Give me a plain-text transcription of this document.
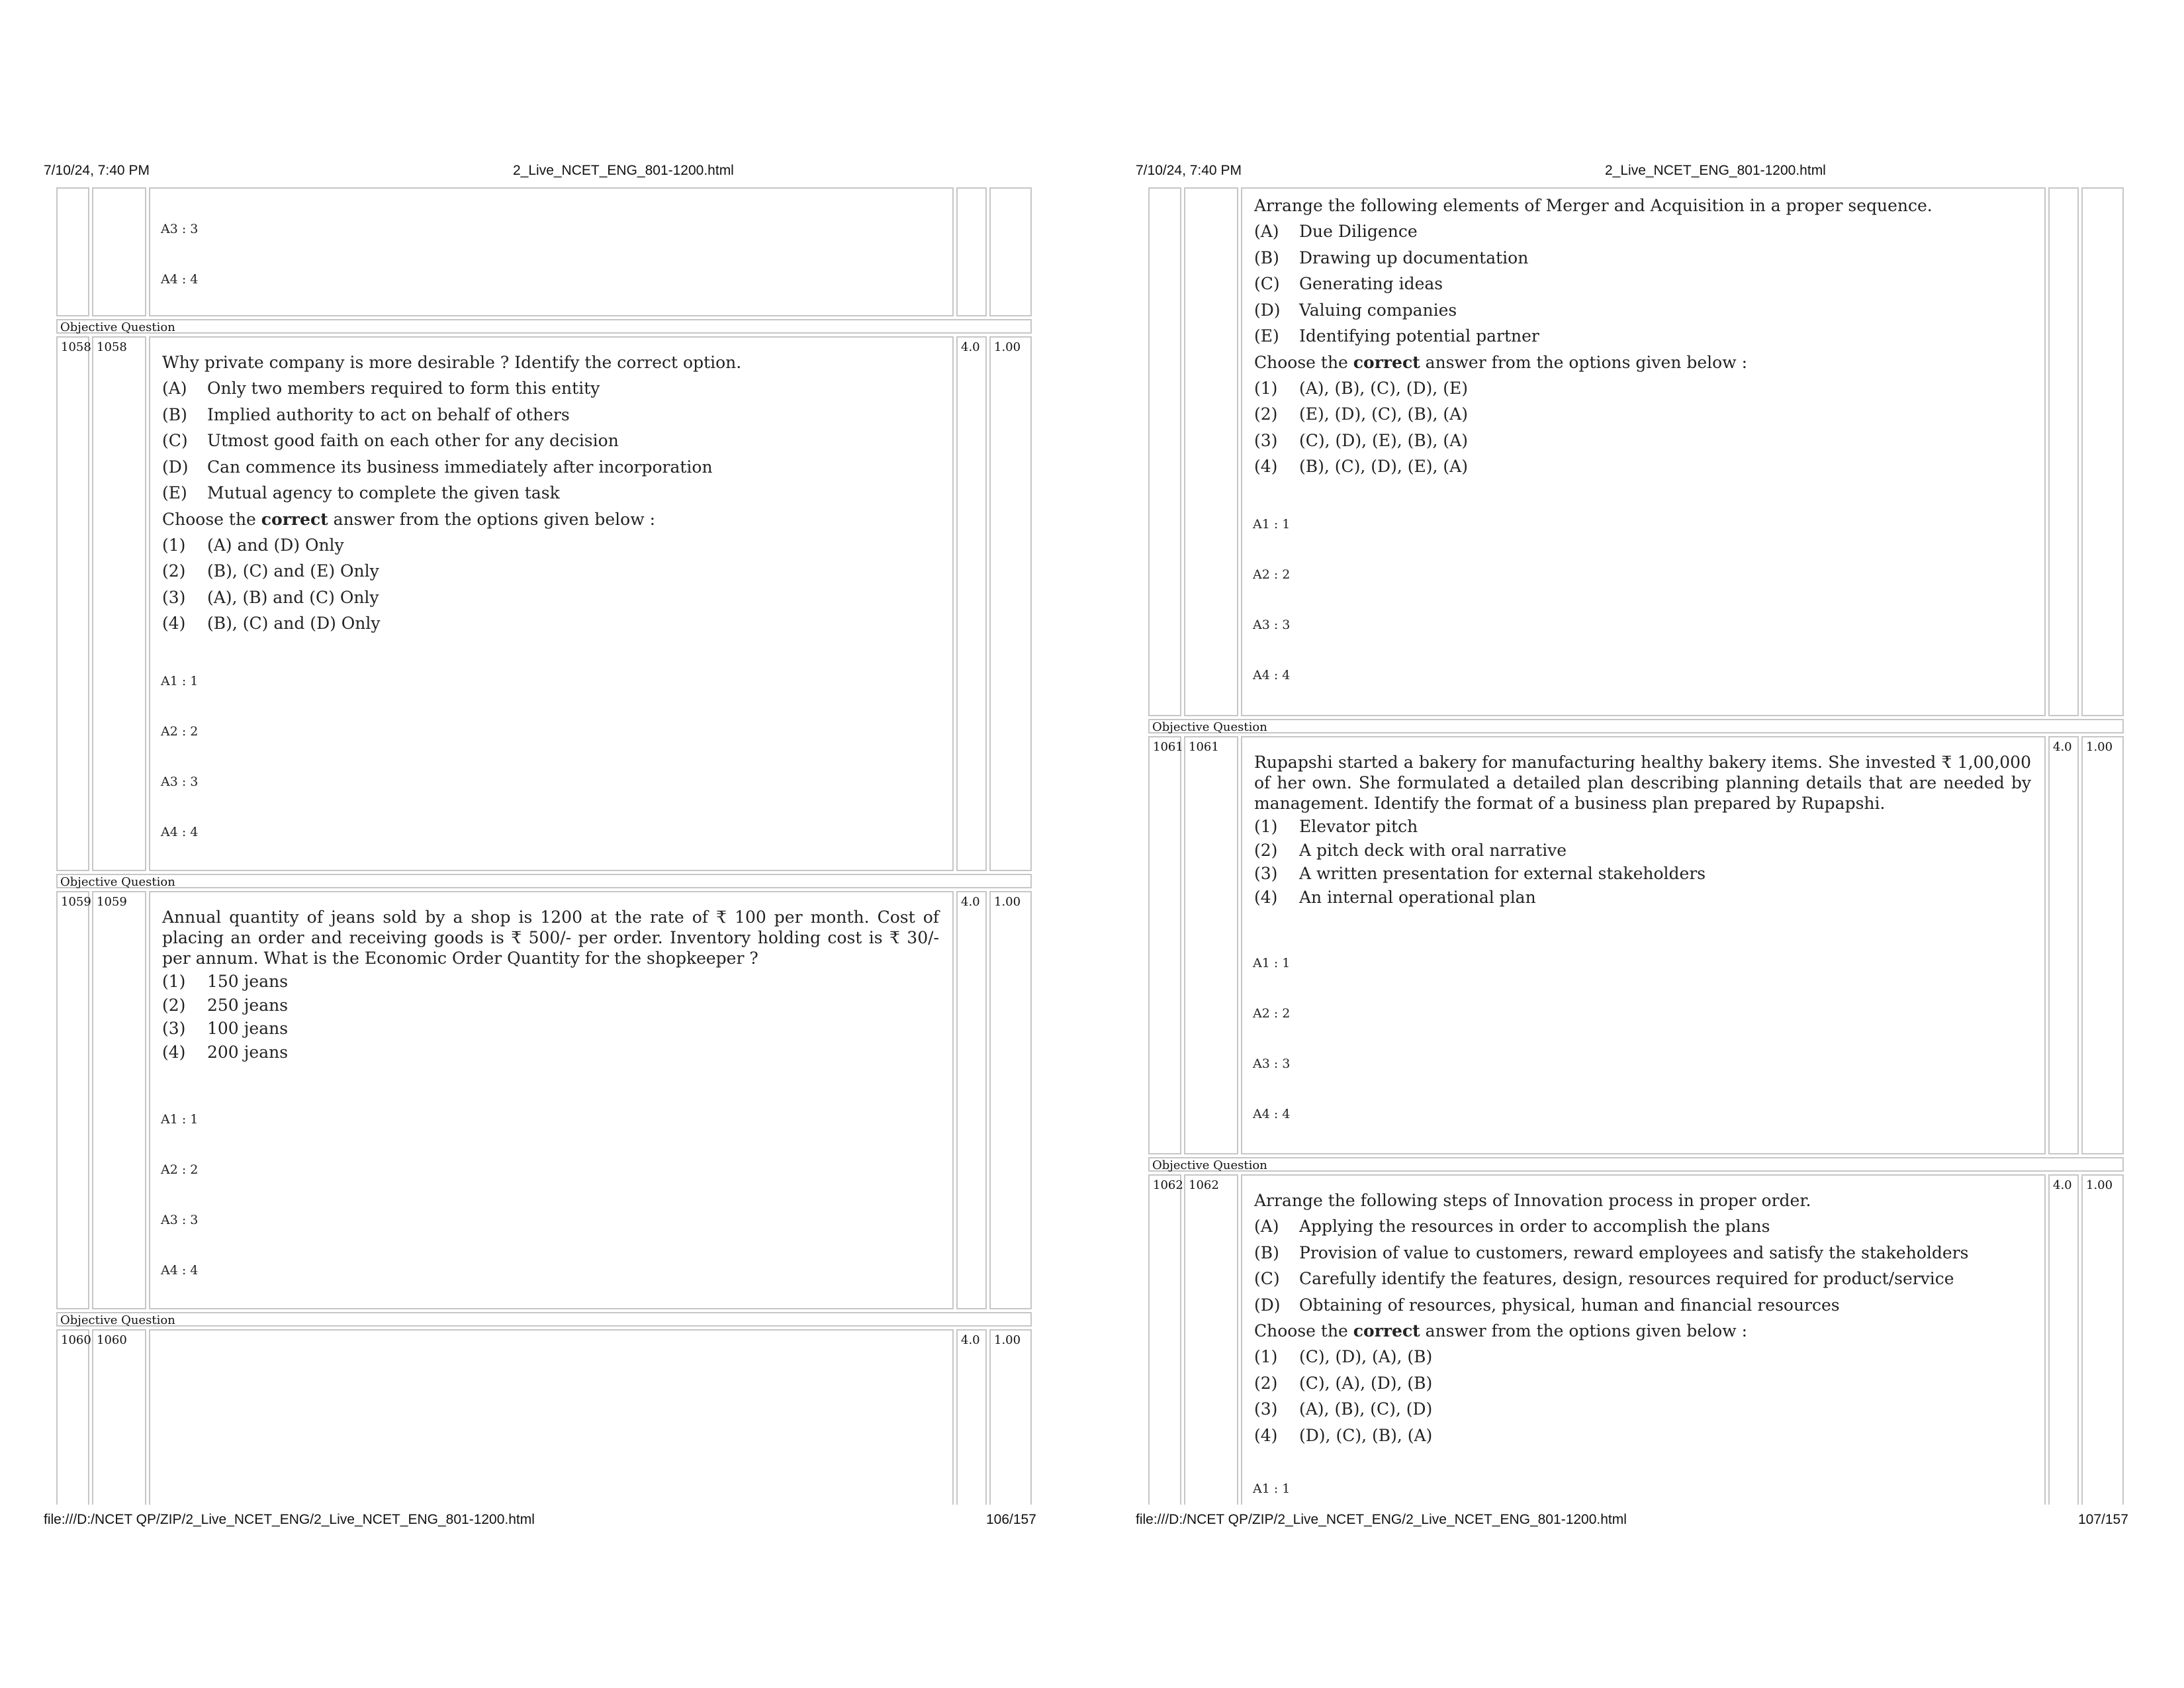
7/10/24, 7:40 PM	2_Live_NCET_ENG_801-1200.html
A3 : 3
A4 : 4
Objective Question
1058 1058
Why private company is more desirable ? Identify the correct option.
(A)	Only two members required to form this entity
(B)	Implied authority to act on behalf of others
(C)	Utmost good faith on each other for any decision
(D)	Can commence its business immediately after incorporation
(E)	Mutual agency to complete the given task
Choose the correct answer from the options given below :
(1)	(A) and (D) Only
(2)	(B), (C) and (E) Only
(3)	(A), (B) and (C) Only
(4)	(B), (C) and (D) Only
A1 : 1
A2 : 2
A3 : 3
A4 : 4
4.0	1.00
Objective Question
1059 1059
Annual quantity of jeans sold by a shop is 1200 at the rate of ₹ 100 per month. Cost of placing an order and receiving goods is ₹ 500/- per order. Inventory holding cost is ₹ 30/- per annum. What is the Economic Order Quantity for the shopkeeper ?
(1)	150 jeans
(2)	250 jeans
(3)	100 jeans
(4)	200 jeans
A1 : 1
A2 : 2
A3 : 3
A4 : 4
4.0	1.00
Objective Question
1060 1060	4.0	1.00
file:///D:/NCET QP/ZIP/2_Live_NCET_ENG/2_Live_NCET_ENG_801-1200.html	106/157
7/10/24, 7:40 PM	2_Live_NCET_ENG_801-1200.html
Arrange the following elements of Merger and Acquisition in a proper sequence.
(A)	Due Diligence
(B)	Drawing up documentation
(C)	Generating ideas
(D)	Valuing companies
(E)	Identifying potential partner
Choose the correct answer from the options given below :
(1)	(A), (B), (C), (D), (E)
(2)	(E), (D), (C), (B), (A)
(3)	(C), (D), (E), (B), (A)
(4)	(B), (C), (D), (E), (A)
A1 : 1
A2 : 2
A3 : 3
A4 : 4
Objective Question
1061 1061
Rupapshi started a bakery for manufacturing healthy bakery items. She invested ₹ 1,00,000 of her own. She formulated a detailed plan describing planning details that are needed by management. Identify the format of a business plan prepared by Rupapshi.
(1)	Elevator pitch
(2)	A pitch deck with oral narrative
(3)	A written presentation for external stakeholders
(4)	An internal operational plan
A1 : 1
A2 : 2
A3 : 3
A4 : 4
4.0	1.00
Objective Question
1062 1062
Arrange the following steps of Innovation process in proper order.
(A)	Applying the resources in order to accomplish the plans
(B)	Provision of value to customers, reward employees and satisfy the stakeholders
(C)	Carefully identify the features, design, resources required for product/service
(D)	Obtaining of resources, physical, human and financial resources
Choose the correct answer from the options given below :
(1)	(C), (D), (A), (B)
(2)	(C), (A), (D), (B)
(3)	(A), (B), (C), (D)
(4)	(D), (C), (B), (A)
A1 : 1
4.0	1.00
file:///D:/NCET QP/ZIP/2_Live_NCET_ENG/2_Live_NCET_ENG_801-1200.html	107/157
